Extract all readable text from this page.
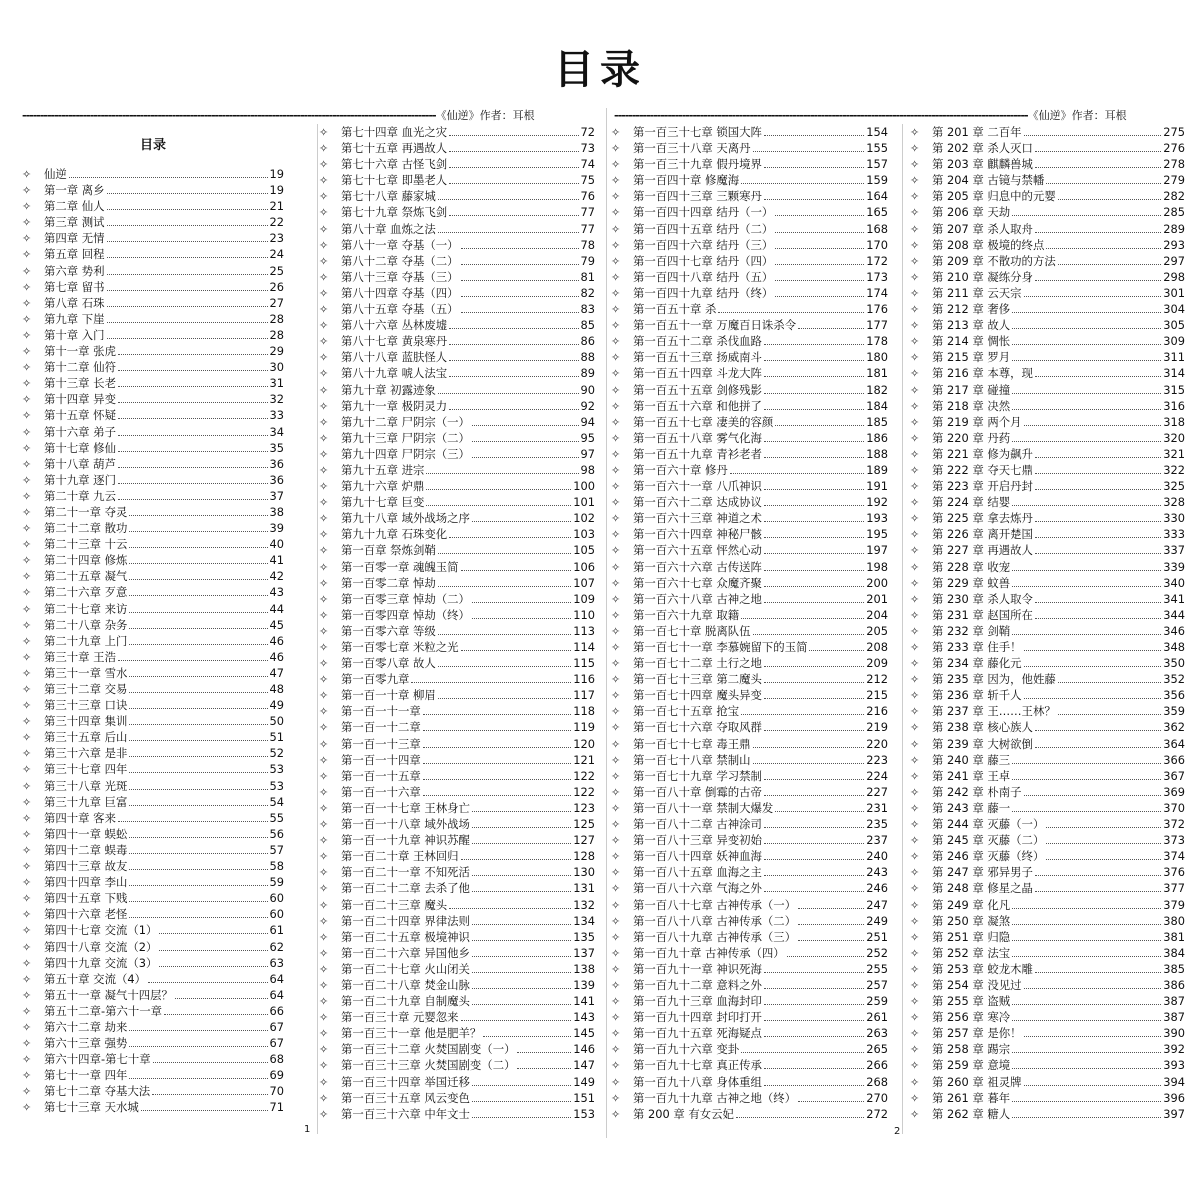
目录
--------------------------------------------------------------------------------------------------------------------《仙逆》作者：耳根	--------------------------------------------------------------------------------------------------------------------《仙逆》作者：耳根
目录
✧	仙逆	19
✧	第一章 离乡	19
✧	第二章 仙人	21
✧	第三章 测试	22
✧	第四章 无情	23
✧	第五章 回程	24
✧	第六章 势利	25
✧	第七章 留书	26
✧	第八章 石珠	27
✧	第九章 下崖	28
✧	第十章 入门	28
✧	第十一章 张虎	29
✧	第十二章 仙符	30
✧	第十三章 长老	31
✧	第十四章 异变	32
✧	第十五章 怀疑	33
✧	第十六章 弟子	34
✧	第十七章 修仙	35
✧	第十八章 葫芦	36
✧	第十九章 逐门	36
✧	第二十章 九云	37
✧	第二十一章 夺灵	38
✧	第二十二章 散功	39
✧	第二十三章 十云	40
✧	第二十四章 修炼	41
✧	第二十五章 凝气	42
✧	第二十六章 歹意	43
✧	第二十七章 来访	44
✧	第二十八章 杂务	45
✧	第二十九章 上门	46
✧	第三十章 王浩	46
✧	第三十一章 雪水	47
✧	第三十二章 交易	48
✧	第三十三章 口诀	49
✧	第三十四章 集训	50
✧	第三十五章 后山	51
✧	第三十六章 是非	52
✧	第三十七章 四年	53
✧	第三十八章 光斑	53
✧	第三十九章 巨富	54
✧	第四十章 客来	55
✧	第四十一章 蜈蚣	56
✧	第四十二章 蜈毒	57
✧	第四十三章 故友	58
✧	第四十四章 李山	59
✧	第四十五章 下贱	60
✧	第四十六章 老怪	60
✧	第四十七章 交流（1）	61
✧	第四十八章 交流（2）	62
✧	第四十九章 交流（3）	63
✧	第五十章 交流（4）	64
✧	第五十一章 凝气十四层？	64
✧	第五十二章-第六十一章	66
✧	第六十二章 劫来	67
✧	第六十三章 强势	67
✧	第六十四章-第七十章	68
✧	第七十一章 四年	69
✧	第七十二章 夺基大法	70
✧	第七十三章 天水城	71
✧	第七十四章 血光之灾	72
✧	第七十五章 再遇故人	73
✧	第七十六章 古怪飞剑	74
✧	第七十七章 即墨老人	75
✧	第七十八章 藤家城	76
✧	第七十九章 祭炼飞剑	77
✧	第八十章 血炼之法	77
✧	第八十一章 夺基（一）	78
✧	第八十二章 夺基（二）	79
✧	第八十三章 夺基（三）	81
✧	第八十四章 夺基（四）	82
✧	第八十五章 夺基（五）	83
✧	第八十六章 丛林废墟	85
✧	第八十七章 黄泉寒丹	86
✧	第八十八章 蓝肤怪人	88
✧	第八十九章 唬人法宝	89
✧	第九十章 初露迹象	90
✧	第九十一章 极阴灵力	92
✧	第九十二章 尸阴宗（一）	94
✧	第九十三章 尸阴宗（二）	95
✧	第九十四章 尸阴宗（三）	97
✧	第九十五章 进宗	98
✧	第九十六章 炉鼎	100
✧	第九十七章 巨变	101
✧	第九十八章 域外战场之序	102
✧	第九十九章 石珠变化	103
✧	第一百章 祭炼剑鞘	105
✧	第一百零一章 魂魄玉简	106
✧	第一百零二章 悼劫	107
✧	第一百零三章 悼劫（二）	109
✧	第一百零四章 悼劫（终）	110
✧	第一百零六章 等级	113
✧	第一百零七章 米粒之光	114
✧	第一百零八章 故人	115
✧	第一百零九章	116
✧	第一百一十章 柳眉	117
✧	第一百一十一章	118
✧	第一百一十二章	119
✧	第一百一十三章	120
✧	第一百一十四章	121
✧	第一百一十五章	122
✧	第一百一十六章	122
✧	第一百一十七章 王林身亡	123
✧	第一百一十八章 域外战场	125
✧	第一百一十九章 神识苏醒	127
✧	第一百二十章 王林回归	128
✧	第一百二十一章 不知死活	130
✧	第一百二十二章 去杀了他	131
✧	第一百二十三章 魔头	132
✧	第一百二十四章 界律法则	134
✧	第一百二十五章 极境神识	135
✧	第一百二十六章 异国他乡	137
✧	第一百二十七章 火山闭关	138
✧	第一百二十八章 焚金山脉	139
✧	第一百二十九章 自制魔头	141
✧	第一百三十章 元婴忽来	143
✧	第一百三十一章 他是肥羊？	145
✧	第一百三十二章 火焚国剧变（一）	146
✧	第一百三十三章 火焚国剧变（二）	147
✧	第一百三十四章 举国迁移	149
✧	第一百三十五章 风云变色	151
✧	第一百三十六章 中年文士	153
✧	第一百三十七章 锁国大阵	154
✧	第一百三十八章 天离丹	155
✧	第一百三十九章 假丹境界	157
✧	第一百四十章 修魔海	159
✧	第一百四十三章 三颗寒丹	164
✧	第一百四十四章 结丹（一）	165
✧	第一百四十五章 结丹（二）	168
✧	第一百四十六章 结丹（三）	170
✧	第一百四十七章 结丹（四）	172
✧	第一百四十八章 结丹（五）	173
✧	第一百四十九章 结丹（终）	174
✧	第一百五十章 杀	176
✧	第一百五十一章 万魔百日诛杀令	177
✧	第一百五十二章 杀伐血路	178
✧	第一百五十三章 扬威南斗	180
✧	第一百五十四章 斗龙大阵	181
✧	第一百五十五章 剑修残影	182
✧	第一百五十六章 和他拼了	184
✧	第一百五十七章 凄美的容颜	185
✧	第一百五十八章 雾气化海	186
✧	第一百五十九章 青衫老者	188
✧	第一百六十章 修丹	189
✧	第一百六十一章 八爪神识	191
✧	第一百六十二章 达成协议	192
✧	第一百六十三章 神道之术	193
✧	第一百六十四章 神秘尸骸	195
✧	第一百六十五章 怦然心动	197
✧	第一百六十六章 古传送阵	198
✧	第一百六十七章 众魔齐聚	200
✧	第一百六十八章 古神之地	201
✧	第一百六十九章 取籍	204
✧	第一百七十章 脱离队伍	205
✧	第一百七十一章 李慕婉留下的玉简	208
✧	第一百七十二章 土行之地	209
✧	第一百七十三章 第二魔头	212
✧	第一百七十四章 魔头异变	215
✧	第一百七十五章 抢宝	216
✧	第一百七十六章 夺取风群	219
✧	第一百七十七章 毒王鼎	220
✧	第一百七十八章 禁制山	223
✧	第一百七十九章 学习禁制	224
✧	第一百八十章 倒霉的古帝	227
✧	第一百八十一章 禁制大爆发	231
✧	第一百八十二章 古神涂司	235
✧	第一百八十三章 异变初始	237
✧	第一百八十四章 妖神血海	240
✧	第一百八十五章 血海之主	243
✧	第一百八十六章 气海之外	246
✧	第一百八十七章 古神传承（一）	247
✧	第一百八十八章 古神传承（二）	249
✧	第一百八十九章 古神传承（三）	251
✧	第一百九十章 古神传承（四）	252
✧	第一百九十一章 神识死海	255
✧	第一百九十二章 意料之外	257
✧	第一百九十三章 血海封印	259
✧	第一百九十四章 封印打开	261
✧	第一百九十五章 死海疑点	263
✧	第一百九十六章 变卦	265
✧	第一百九十七章 真正传承	266
✧	第一百九十八章 身体重组	268
✧	第一百九十九章 古神之地（终）	270
✧	第 200 章 有女云妃	272
✧	第 201 章 二百年	275
✧	第 202 章 杀人灭口	276
✧	第 203 章 麒麟兽城	278
✧	第 204 章 古镜与禁幡	279
✧	第 205 章 归息中的元婴	282
✧	第 206 章 天劫	285
✧	第 207 章 杀人取舟	289
✧	第 208 章 极境的终点	293
✧	第 209 章 不散功的方法	297
✧	第 210 章 凝练分身	298
✧	第 211 章 云天宗	301
✧	第 212 章 奢侈	304
✧	第 213 章 故人	305
✧	第 214 章 惆怅	309
✧	第 215 章 罗月	311
✧	第 216 章 本尊，现	314
✧	第 217 章 碰撞	315
✧	第 218 章 决然	316
✧	第 219 章 两个月	318
✧	第 220 章 丹药	320
✧	第 221 章 修为飙升	321
✧	第 222 章 夺天七鼎	322
✧	第 223 章 开启丹封	325
✧	第 224 章 结婴	328
✧	第 225 章 拿去炼丹	330
✧	第 226 章 离开楚国	333
✧	第 227 章 再遇故人	337
✧	第 228 章 收宠	339
✧	第 229 章 蚊兽	340
✧	第 230 章 杀人取令	341
✧	第 231 章 赵国所在	344
✧	第 232 章 剑鞘	346
✧	第 233 章 住手！	348
✧	第 234 章 藤化元	350
✧	第 235 章 因为，他姓藤	352
✧	第 236 章 斩千人	356
✧	第 237 章 王……王林？	359
✧	第 238 章 核心族人	362
✧	第 239 章 大树欲倒	364
✧	第 240 章 藤三	366
✧	第 241 章 王卓	367
✧	第 242 章 朴南子	369
✧	第 243 章 藤一	370
✧	第 244 章 灭藤（一）	372
✧	第 245 章 灭藤（二）	373
✧	第 246 章 灭藤（终）	374
✧	第 247 章 邪异男子	376
✧	第 248 章 修星之晶	377
✧	第 249 章 化凡	379
✧	第 250 章 凝煞	380
✧	第 251 章 归隐	381
✧	第 252 章 法宝	384
✧	第 253 章 蛟龙木雕	385
✧	第 254 章 没见过	386
✧	第 255 章 盗贼	387
✧	第 256 章 寒冷	387
✧	第 257 章 是你！	390
✧	第 258 章 踢宗	392
✧	第 259 章 意境	393
✧	第 260 章 祖灵牌	394
✧	第 261 章 暮年	396
✧	第 262 章 糖人	397
1	2
